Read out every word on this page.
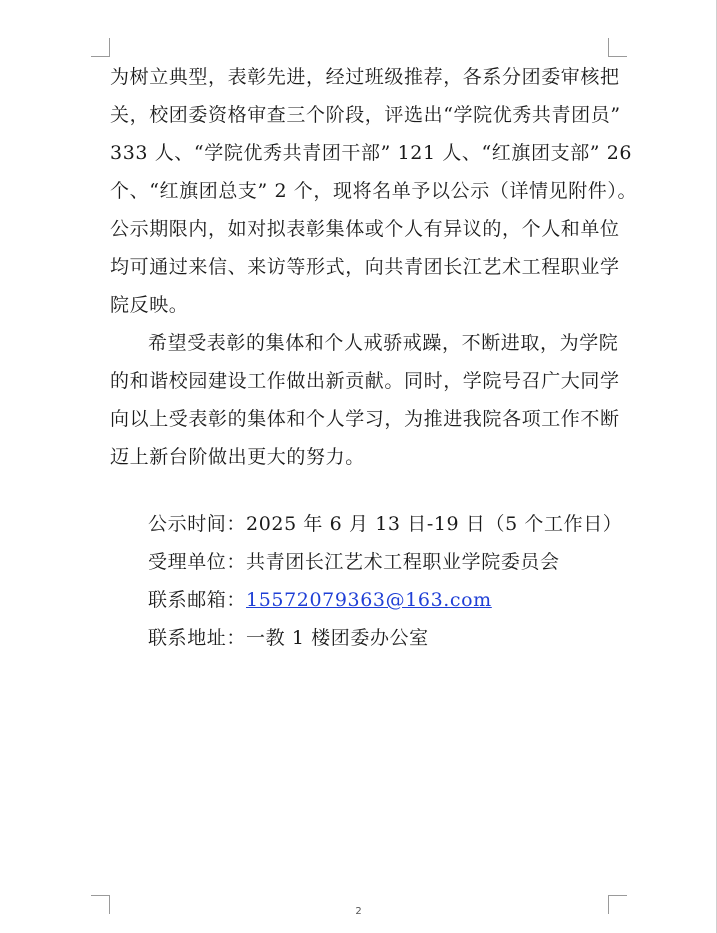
为树立典型，表彰先进，经过班级推荐，各系分团委审核把
关，校团委资格审查三个阶段，评选出“学院优秀共青团员”
333 人、“学院优秀共青团干部” 121 人、“红旗团支部” 26
个、“红旗团总支” 2 个，现将名单予以公示（详情见附件）。
公示期限内，如对拟表彰集体或个人有异议的，个人和单位
均可通过来信、来访等形式，向共青团长江艺术工程职业学
院反映。
希望受表彰的集体和个人戒骄戒躁，不断进取，为学院
的和谐校园建设工作做出新贡献。同时，学院号召广大同学
向以上受表彰的集体和个人学习，为推进我院各项工作不断
迈上新台阶做出更大的努力。
公示时间：2025 年 6 月 13 日-19 日（5 个工作日）
受理单位：共青团长江艺术工程职业学院委员会
联系邮箱：15572079363@163.com
联系地址：一教 1 楼团委办公室
2
